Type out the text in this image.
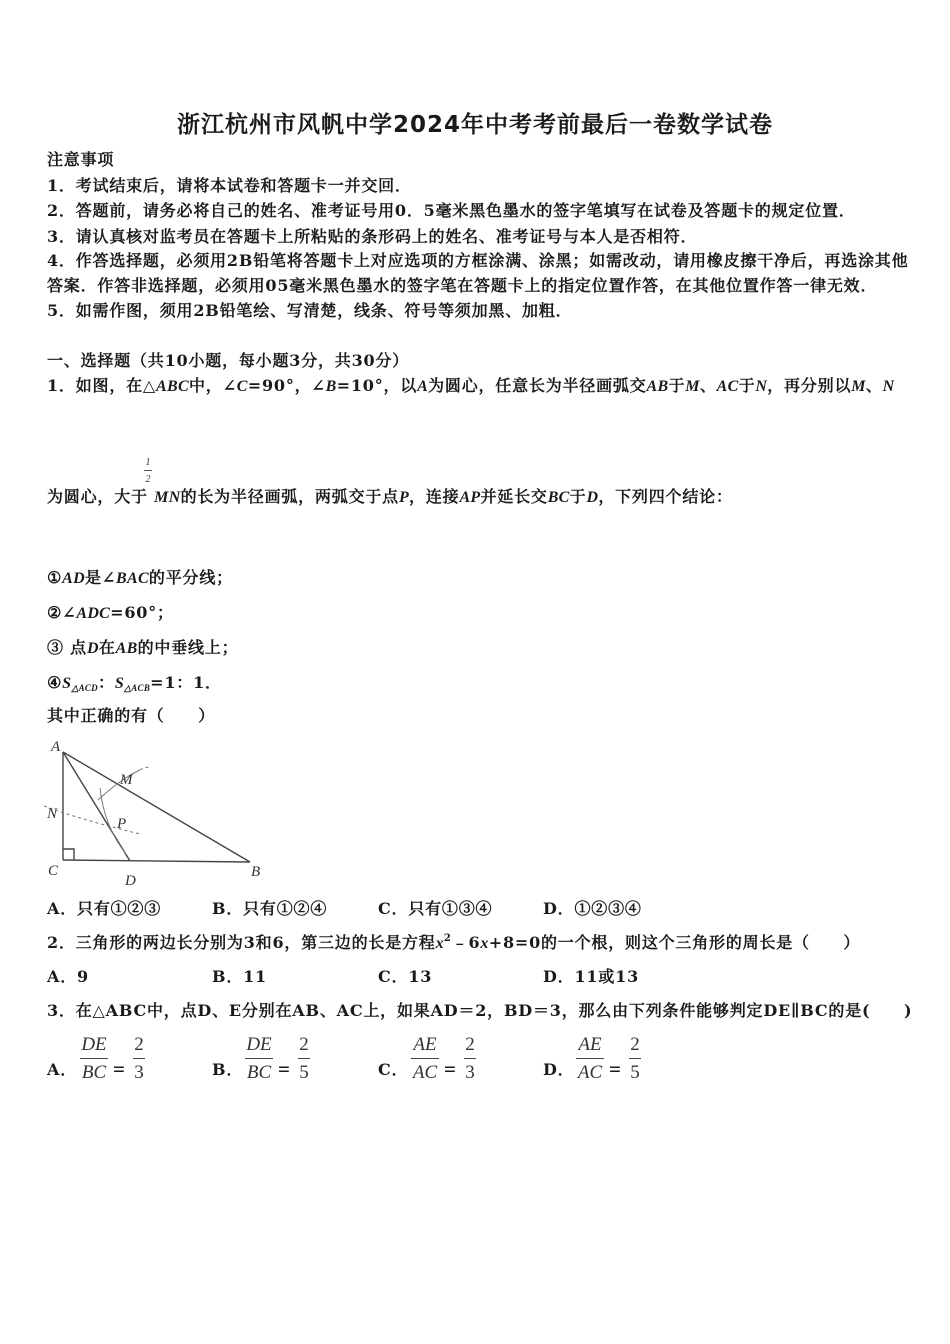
浙江杭州市风帆中学2024年中考考前最后一卷数学试卷
注意事项
1．考试结束后，请将本试卷和答题卡一并交回．
2．答题前，请务必将自己的姓名、准考证号用0．5毫米黑色墨水的签字笔填写在试卷及答题卡的规定位置．
3．请认真核对监考员在答题卡上所粘贴的条形码上的姓名、准考证号与本人是否相符．
4．作答选择题，必须用2B铅笔将答题卡上对应选项的方框涂满、涂黑；如需改动，请用橡皮擦干净后，再选涂其他
答案．作答非选择题，必须用05毫米黑色墨水的签字笔在答题卡上的指定位置作答，在其他位置作答一律无效．
5．如需作图，须用2B铅笔绘、写清楚，线条、符号等须加黑、加粗．
一、选择题（共10小题，每小题3分，共30分）
1．如图，在△ABC中，∠C=90°，∠B=10°，以A为圆心，任意长为半径画弧交AB于M、AC于N，再分别以M、N
1
2
为圆心，大于 MN的长为半径画弧，两弧交于点P，连接AP并延长交BC于D，下列四个结论：
①AD是∠BAC的平分线；
②∠ADC=60°；
③ 点D在AB的中垂线上；
$④S_{\triangle ACD}$：$S_{\triangle ACB}=1$：1．
其中正确的有（　　）
A
M
N
P
C
D
B
A．只有①②③	B．只有①②④	C．只有①③④	D．①②③④
2．三角形的两边长分别为3和6，第三边的长是方程$x^2﹣6x+8=0$的一个根，则这个三角形的周长是（　　）
A．9	B．11	C．13	D．11或13
3．在△ABC中，点D、E分别在AB、AC上，如果AD＝2，BD＝3，那么由下列条件能够判定DE∥BC的是(　　)
A．
DE
BC =
2
3	B．
DE
BC =
2
5	C．
AE
AC =
2
3	D．
AE
AC =
2
5
